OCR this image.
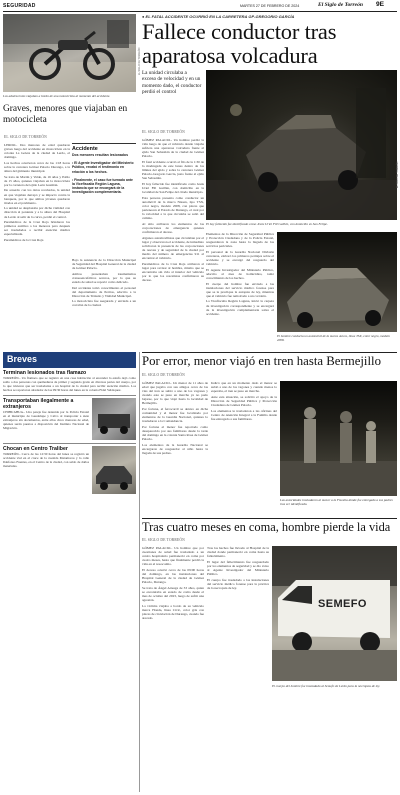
SEGURIDAD	MARTES 27 DE FEBRERO DE 2024	El Siglo de Torreón 9E
EL SIGLO DE TORREÓN
Los adolescentes viajaban a bordo de una motocicleta al momento del accidente.
Graves, menores que viajaban en motocicleta
EL SIGLO DE TORREÓN

LERDO.- Dos menores de edad quedaron graves luego del accidente en motocicleta en la colonia La Goleta de la ciudad de Lerdo, el domingo.

Los hechos ocurrieron cerca de las 1:18 horas sobre la carretera Gómez Palacio Durango, a la altura del gimnasio municipal.

Se trata de Martín y Valde, de 16 años y Pablo de 15 años, quienes viajaban en la motocicleta por la carretera del ejido León Guzmán.

De acuerdo con los datos recabados, la unidad en que viajaban derrapó y se impactó contra la banqueta, por lo que ambos jóvenes quedaron tirados en el pavimento.

La unidad se desplazaba por dicha vialidad con dirección al poniente y a la altura del Hospital de Lerdo al salir de la curva, perdió el control.

Paramédicos de la Cruz Roja brindaron los primeros auxilios a los menores para después ser trasladados a recibir atención médica especializada.

Paramédicos de la Cruz Roja

Accidente
Dos menores resultan lesionados
• El Agente Investigador del Ministerio Público, recabó el testimonio en relación a los hechos.
• Finalmente, el caso fue turnado ante la Vicefiscalía Región Laguna, instancia que se encargará de la investigación complementaria.

Bajo la asistencia de la Dirección Municipal de Seguridad del Hospital General de la ciudad de Gómez Palacio.

Ambos presentaban traumatismos craneoencefálicos severos, por lo que su estado de salud se reportó como delicado.

Del accidente tomó conocimiento el personal del departamento de Peritos, adscrito a la Dirección de Tránsito y Vialidad Municipal.

La motocicleta fue asegurada y enviada a un corralón de la ciudad.

● EL FATAL ACCIDENTE OCURRIÓ EN LA CARRETERA GP-GREGORIO GARCÍA
Fallece conductor tras aparatosa volcadura
La unidad circulaba a exceso de velocidad y en un momento dado, el conductor perdió el control
EL SIGLO DE TORREÓN

GÓMEZ PALACIO.- Un hombre perdió la vida luego de que el vehículo donde viajaba sufriera una aparatosa volcadura frente al ejido San Sebastián de la ciudad de Gómez Palacio.

El fatal accidente ocurrió al filo de la 1:30 de la madrugada de este lunes dentro de los límites del ejido y sobre la carretera Gómez Palacio-Gregorio García, justo frente al ejido San Sebastián.

El hoy fallecido fue identificado como Jesús Uriel Fill Guillén, con domicilio en la localidad de San Felipe del citado municipio.

Esta persona presenta como conductor un automóvil de la marca Nissan, tipo TSX, color negro, modelo 2008, con placas que pertenecen al Estado de Durango, el cual por la velocidad a la que circulaba se salió del camino.

Al sitio arribaron los elementos de las corporaciones de emergencia quienes confirmaron el deceso.

Algunos automovilistas que circulaban por el lugar y observaron el accidente, de inmediato solicitaron la presencia de las corporaciones de rescate y de seguridad de la ciudad por medio del número de emergencias 911 al encontrar el vehículo.

Paramédicos de la Cruz Roja arribaron al lugar para revisar al hombre, mismo que se encontraba sin vida al interior del vehículo por lo que los rescatistas confirmaron su deceso.

EL SIGLO DE TORREÓN
El hoy fallecido fue identificado como Jesús Uriel Fill Guillén, con domicilio en San Felipe.

Elementos de la Dirección de Seguridad Pública y Protección Ciudadana y de la Policía Estatal, resguardaron la zona hasta la llegada de los servicios periciales.

El personal de la Guardia Nacional División carreteras, elaboró los primeros peritajes sobre el accidente y se encargó del resguardo del vehículo.

El Agente Investigador del Ministerio Público, adscrito al área de homicidios, tomó conocimiento de los hechos.

El cuerpo del hombre fue enviado a las instalaciones del servicio médico forense para que se le practique la autopsia de ley, mientras que el vehículo fue remolcado a un corralón.

La Vicefiscalía Región Laguna, inició la carpeta de investigación correspondiente y se encargará de la investigación complementaria sobre el accidente.

El hombre conducía un automóvil de la marca Acura, línea TSX, color negro, modelo 2008.
Breves
Terminan lesionados tras flamazo
TORREÓN.- Un flamazo que se registró en una casa habitación al encender la estufa dejó como saldo a dos personas con quemaduras de primer y segundo grado en diversas partes del cuerpo, por lo que tuvieron que ser trasladadas a un hospital de la ciudad para recibir atención médica. Los hechos se reportaron alrededor de las 09:30 horas del lunes en la colonia Fidel Velázquez.
Transportaban ilegalmente a extranjeros
CHIHUAHUA.- Una pareja fue detenida por la Policía Estatal en el municipio de Guadalupe y Calvo al transportar a siete extranjeros sin documentos, entre ellos cinco menores de edad, quienes serán puestos a disposición del Instituto Nacional de Migración.
Chocan en Centro Traliber
TORREÓN.- Cerca de las 12:30 horas del lunes se registró un accidente vial en el cruce de la avenida Matamoros y la calle Ildefonso Fuentes, en el Centro de la ciudad, con saldo de daños materiales.
Por error, menor viajó en tren hasta Bermejillo
EL SIGLO DE TORREÓN

GÓMEZ PALACIO.- Un menor de 11 años de edad que jugaba con sus amigos cerca de las vías del tren se subió a uno de los vagones y cuando este se puso en marcha ya no pudo bajarse, por lo que viajó hasta la localidad de Bermejillo.

Por fortuna, el ferrocarril se detuvo en dicha comunidad y el menor fue localizado por elementos de la Guardia Nacional, quienes lo trasladaron a la Comandancia.

Por fortuna el menor fue reportado como desaparecido por sus familiares desde la tarde del domingo en la colonia Santa Rosa de Gómez Palacio.

Los elementos de la Guardia Nacional se encargaron de resguardar al niño hasta la llegada de sus padres.

Indicó que en un momento dado el menor se subió a uno de los vagones y cuando menos lo esperaba, el tren se puso en marcha.

Ante esta situación, se solicitó el apoyo de la Dirección de Seguridad Pública y Protección Ciudadana de Gómez Palacio.

Los elementos le trasladaron a las oficinas del Centro de Atención Integral a la Familia donde fue entregado a sus familiares.

Las autoridades trasladaron al menor a la Fiscalía donde fue entregado a sus padres tras ser identificado.
Tras cuatro meses en coma, hombre pierde la vida
EL SIGLO DE TORREÓN

GÓMEZ PALACIO.- Un hombre que por cuestiones de salud fue trasladado a un centro hospitalario permaneció en coma por cuatro meses, hasta que finalmente perdió la vida en el nosocomio.

El deceso ocurrió cerca de las 09:00 horas del domingo, en las instalaciones del Hospital General de la ciudad de Gómez Palacio, Durango.

Se trata de Ángel Arteaga de 33 años, quien se encontraba en estado de coma desde el mes de octubre del 2023, luego de sufrir una agresión.

La víctima viajaba a bordo de su vehículo marca Honda, línea Civic, color gris con placas de circulación de Durango, cuando fue atacado.

Tras los hechos fue llevado al Hospital de la ciudad donde permaneció en coma hasta su fallecimiento.

El lugar del fallecimiento fue resguardado por los elementos de seguridad y se dio aviso al Agente Investigador del Ministerio Público.

El cuerpo fue trasladado a las instalaciones del servicio médico forense para la práctica de la necropsia de ley.

SEMEFO
El cuerpo del hombre fue trasladado al Semefo de Lerdo para la necropsia de ley.
